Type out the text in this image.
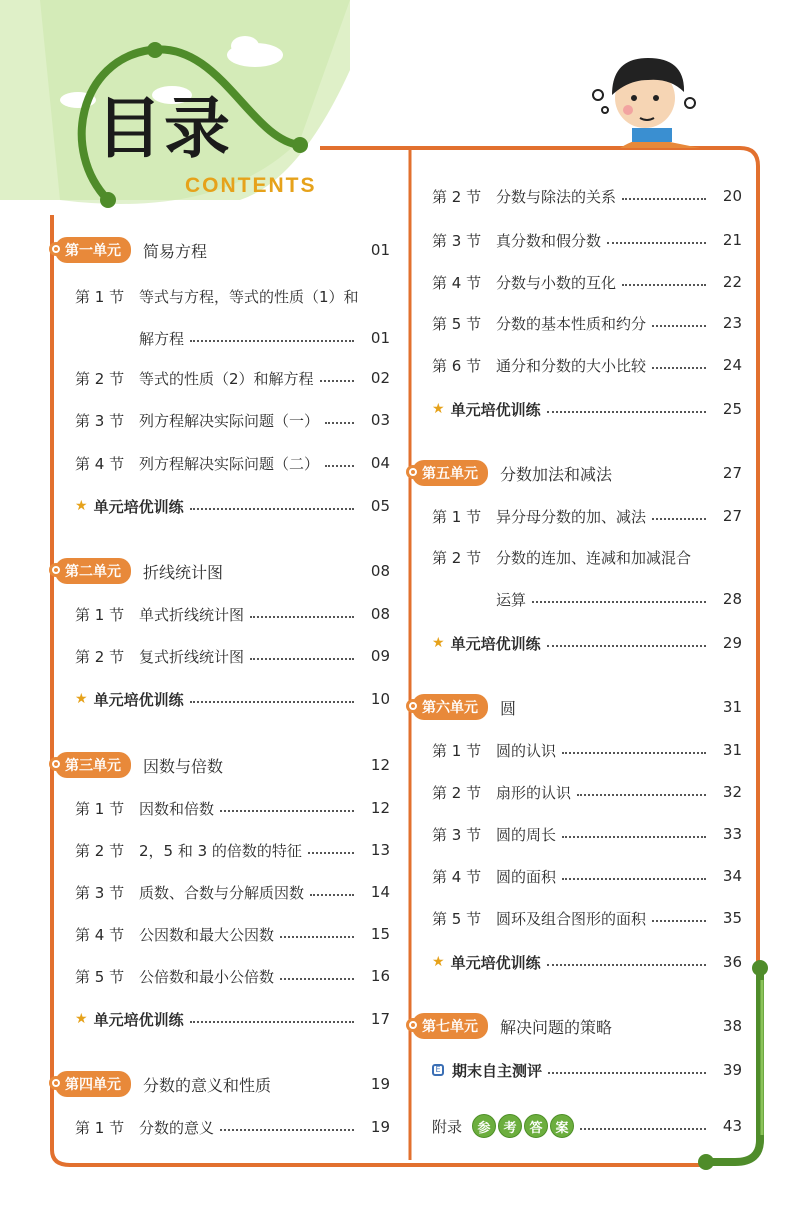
目录
CONTENTS
第一单元	简易方程	01
第 1 节 等式与方程，等式的性质（1）和
解方程	01
第 2 节 等式的性质（2）和解方程	02
第 3 节 列方程解决实际问题（一）	03
第 4 节 列方程解决实际问题（二）	04
★ 单元培优训练	05
第二单元	折线统计图	08
第 1 节 单式折线统计图	08
第 2 节 复式折线统计图	09
★ 单元培优训练	10
第三单元	因数与倍数	12
第 1 节 因数和倍数	12
第 2 节 2，5 和 3 的倍数的特征	13
第 3 节 质数、合数与分解质因数	14
第 4 节 公因数和最大公因数	15
第 5 节 公倍数和最小公倍数	16
★ 单元培优训练	17
第四单元	分数的意义和性质	19
第 1 节 分数的意义	19
第 2 节 分数与除法的关系	20
第 3 节 真分数和假分数	21
第 4 节 分数与小数的互化	22
第 5 节 分数的基本性质和约分	23
第 6 节 通分和分数的大小比较	24
★ 单元培优训练	25
第五单元	分数加法和减法	27
第 1 节 异分母分数的加、减法	27
第 2 节 分数的连加、连减和加减混合
运算	28
★ 单元培优训练	29
第六单元	圆	31
第 1 节 圆的认识	31
第 2 节 扇形的认识	32
第 3 节 圆的周长	33
第 4 节 圆的面积	34
第 5 节 圆环及组合图形的面积	35
★ 单元培优训练	36
第七单元	解决问题的策略	38
E 期末自主测评	39
附录	参 考 答 案	43
